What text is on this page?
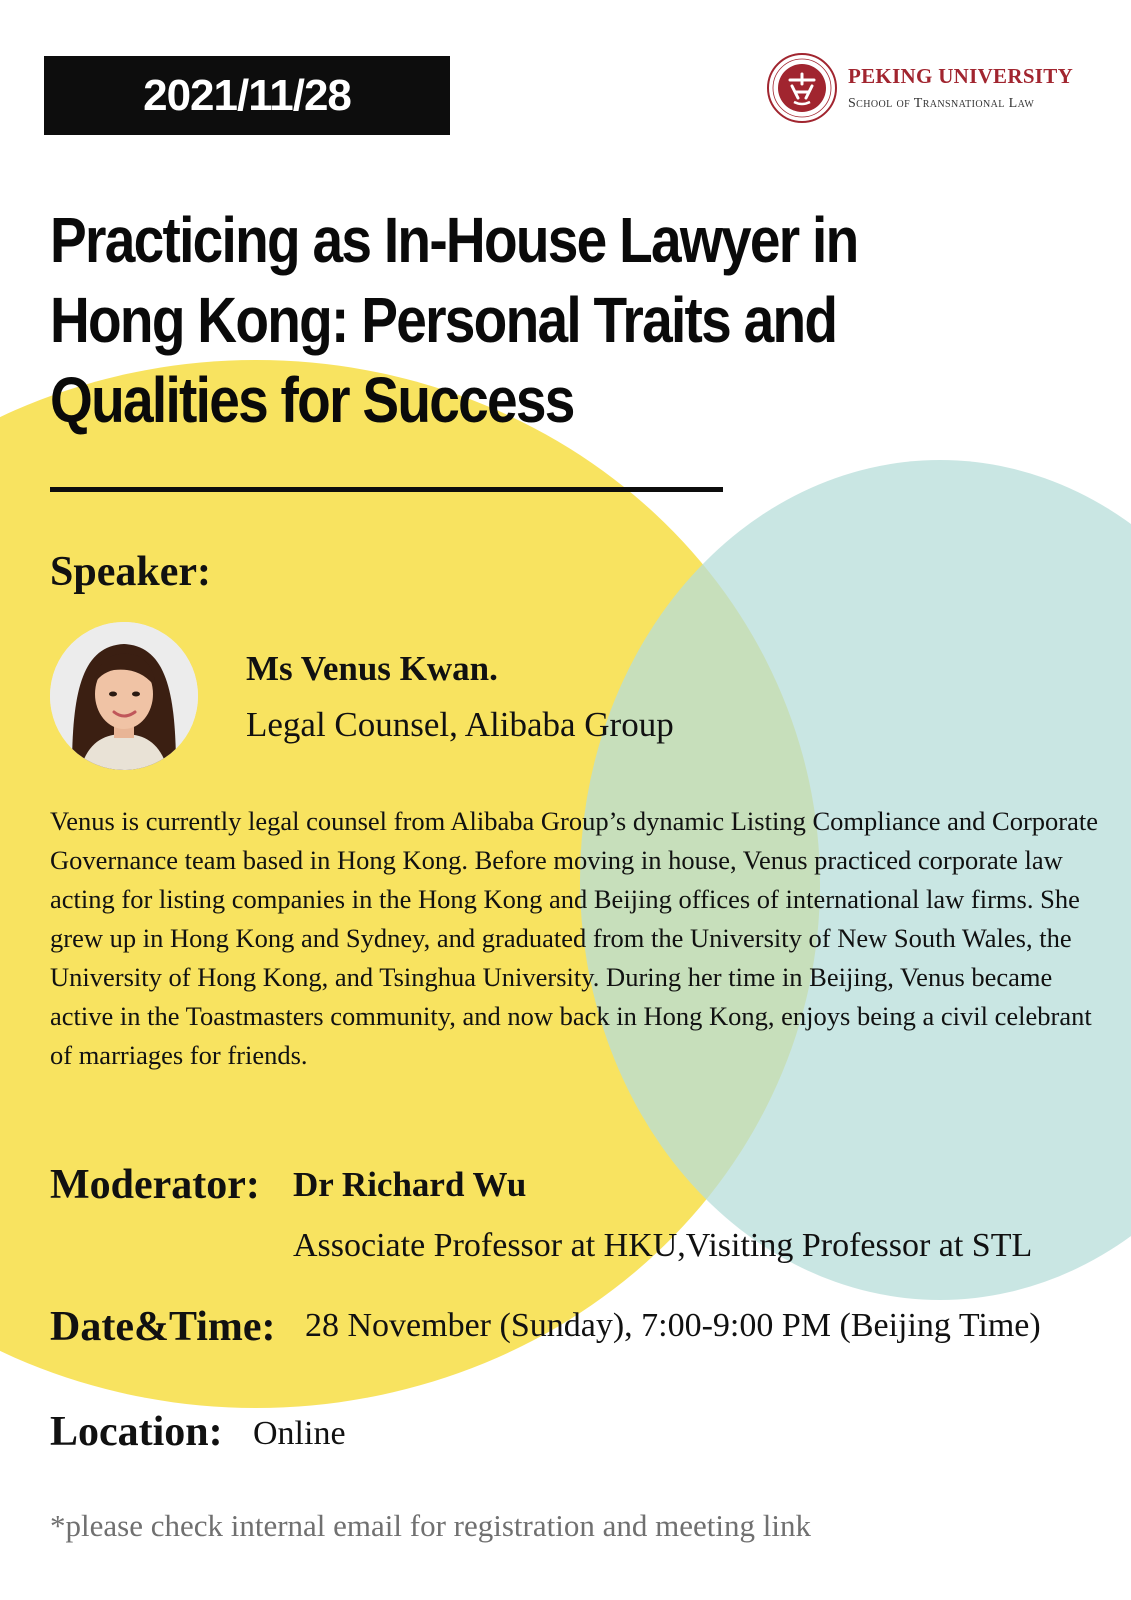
2021/11/28	PEKING UNIVERSITY
School of Transnational Law
Practicing as In-House Lawyer in Hong Kong: Personal Traits and Qualities for Success
Speaker:
Ms Venus Kwan.
Legal Counsel, Alibaba Group

Venus is currently legal counsel from Alibaba Group’s dynamic Listing Compliance and Corporate Governance team based in Hong Kong. Before moving in house, Venus practiced corporate law acting for listing companies in the Hong Kong and Beijing offices of international law firms. She grew up in Hong Kong and Sydney, and graduated from the University of New South Wales, the University of Hong Kong, and Tsinghua University. During her time in Beijing, Venus became active in the Toastmasters community, and now back in Hong Kong, enjoys being a civil celebrant of marriages for friends.

Moderator: Dr Richard Wu
Associate Professor at HKU,Visiting Professor at STL
Date&Time: 28 November (Sunday), 7:00-9:00 PM (Beijing Time)
Location: Online
*please check internal email for registration and meeting link
